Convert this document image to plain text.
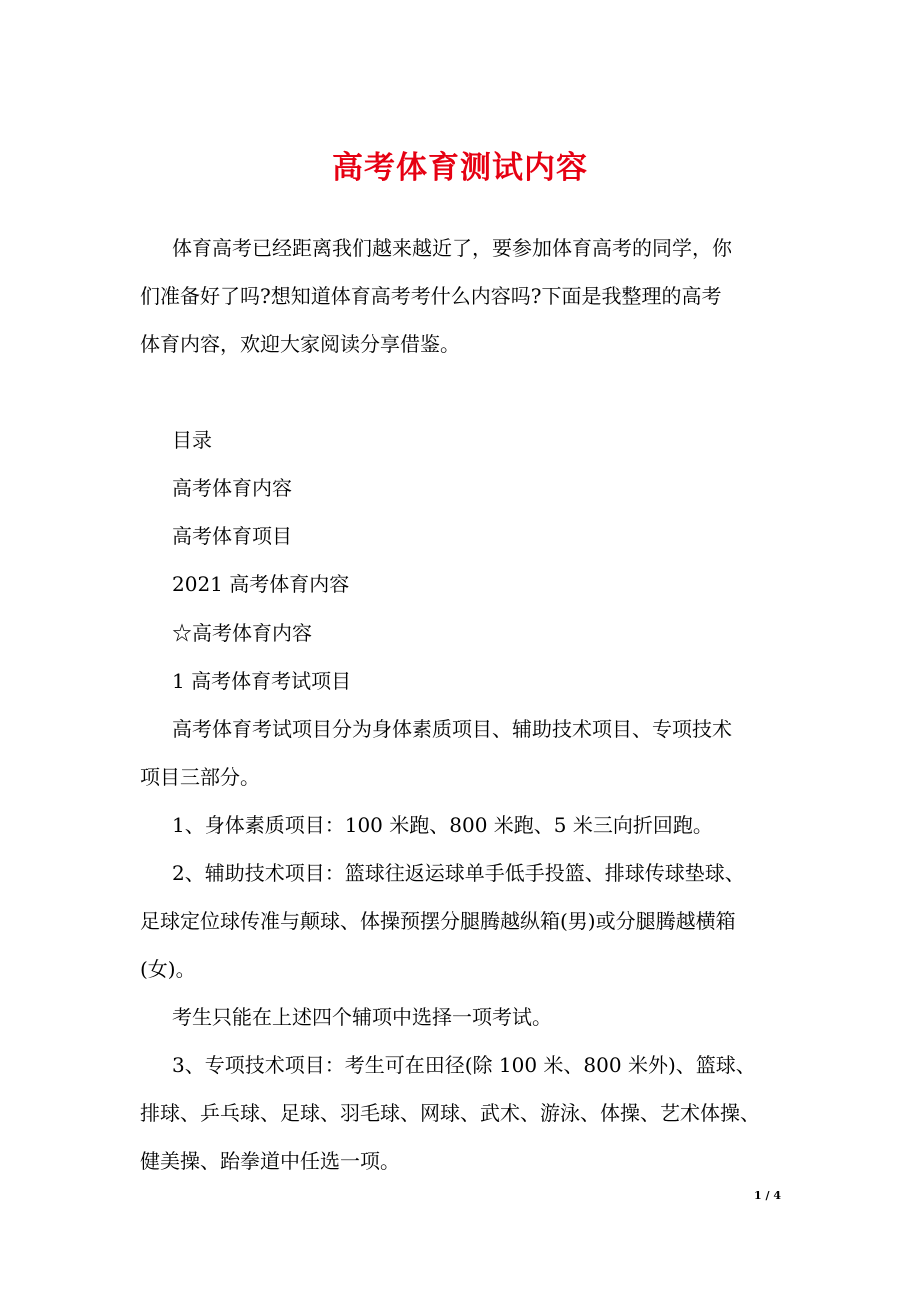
高考体育测试内容
体育高考已经距离我们越来越近了，要参加体育高考的同学，你
们准备好了吗?想知道体育高考考什么内容吗?下面是我整理的高考
体育内容，欢迎大家阅读分享借鉴。
目录
高考体育内容
高考体育项目
2021 高考体育内容
☆高考体育内容
1 高考体育考试项目
高考体育考试项目分为身体素质项目、辅助技术项目、专项技术
项目三部分。
1、身体素质项目：100 米跑、800 米跑、5 米三向折回跑。
2、辅助技术项目：篮球往返运球单手低手投篮、排球传球垫球、
足球定位球传准与颠球、体操预摆分腿腾越纵箱(男)或分腿腾越横箱
(女)。
考生只能在上述四个辅项中选择一项考试。
3、专项技术项目：考生可在田径(除 100 米、800 米外)、篮球、
排球、乒乓球、足球、羽毛球、网球、武术、游泳、体操、艺术体操、
健美操、跆拳道中任选一项。
1 / 4
